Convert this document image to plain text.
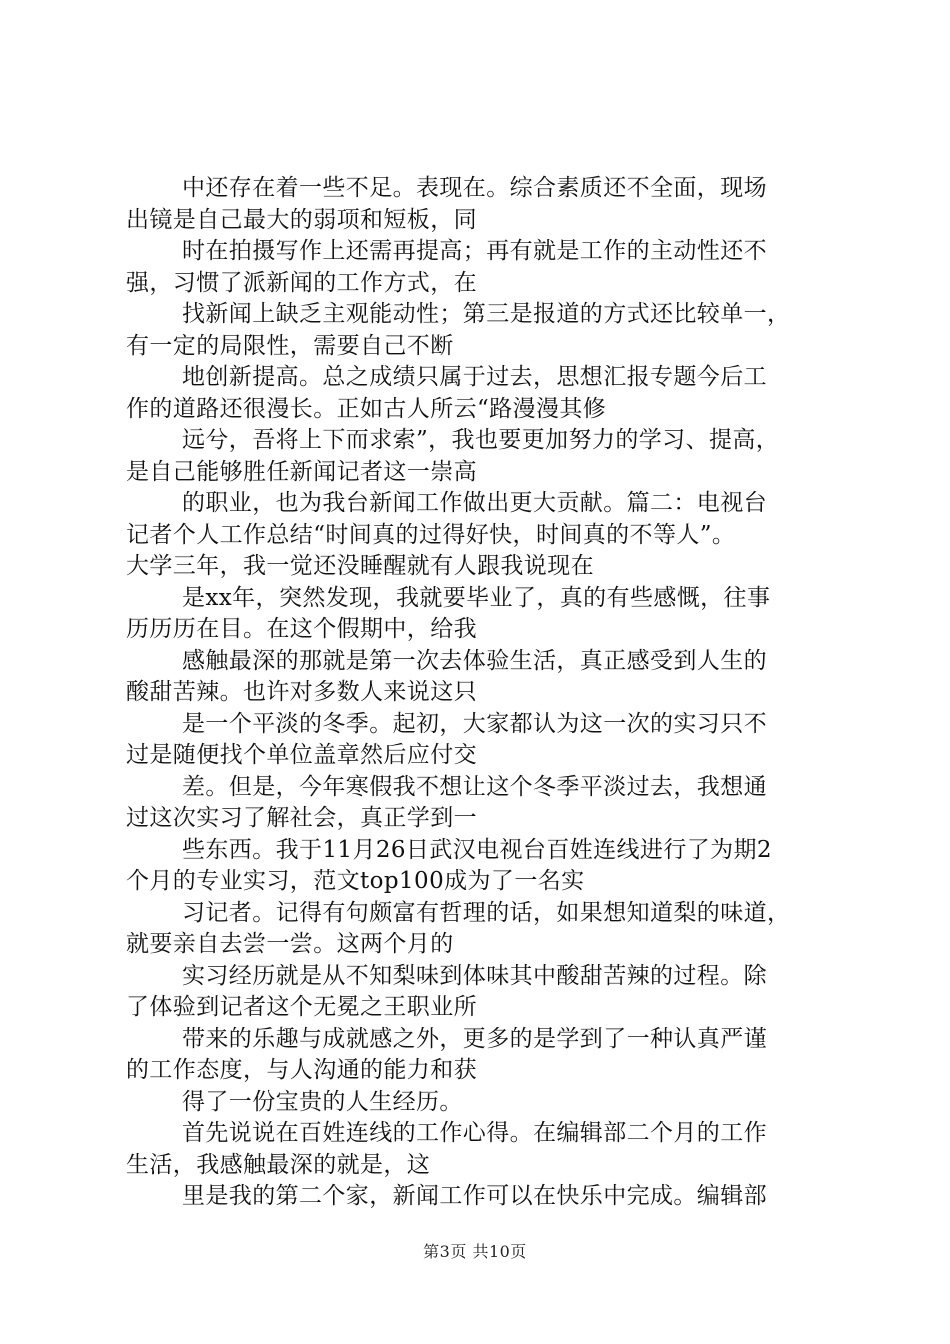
中还存在着一些不足。表现在。综合素质还不全面，现场
出镜是自己最大的弱项和短板，同

时在拍摄写作上还需再提高；再有就是工作的主动性还不
强，习惯了派新闻的工作方式，在

找新闻上缺乏主观能动性；第三是报道的方式还比较单一，
有一定的局限性，需要自己不断

地创新提高。总之成绩只属于过去，思想汇报专题今后工
作的道路还很漫长。正如古人所云“路漫漫其修

远兮，吾将上下而求索”，我也要更加努力的学习、提高，
是自己能够胜任新闻记者这一崇高

的职业，也为我台新闻工作做出更大贡献。篇二：电视台
记者个人工作总结“时间真的过得好快，时间真的不等人”。
大学三年，我一觉还没睡醒就有人跟我说现在

是xx年，突然发现，我就要毕业了，真的有些感慨，往事
历历历在目。在这个假期中，给我

感触最深的那就是第一次去体验生活，真正感受到人生的
酸甜苦辣。也许对多数人来说这只

是一个平淡的冬季。起初，大家都认为这一次的实习只不
过是随便找个单位盖章然后应付交

差。但是，今年寒假我不想让这个冬季平淡过去，我想通
过这次实习了解社会，真正学到一

些东西。我于11月26日武汉电视台百姓连线进行了为期2
个月的专业实习，范文top100成为了一名实

习记者。记得有句颇富有哲理的话，如果想知道梨的味道，
就要亲自去尝一尝。这两个月的

实习经历就是从不知梨味到体味其中酸甜苦辣的过程。除
了体验到记者这个无冕之王职业所

带来的乐趣与成就感之外，更多的是学到了一种认真严谨
的工作态度，与人沟通的能力和获

得了一份宝贵的人生经历。

首先说说在百姓连线的工作心得。在编辑部二个月的工作
生活，我感触最深的就是，这

里是我的第二个家，新闻工作可以在快乐中完成。编辑部

第3页 共10页
